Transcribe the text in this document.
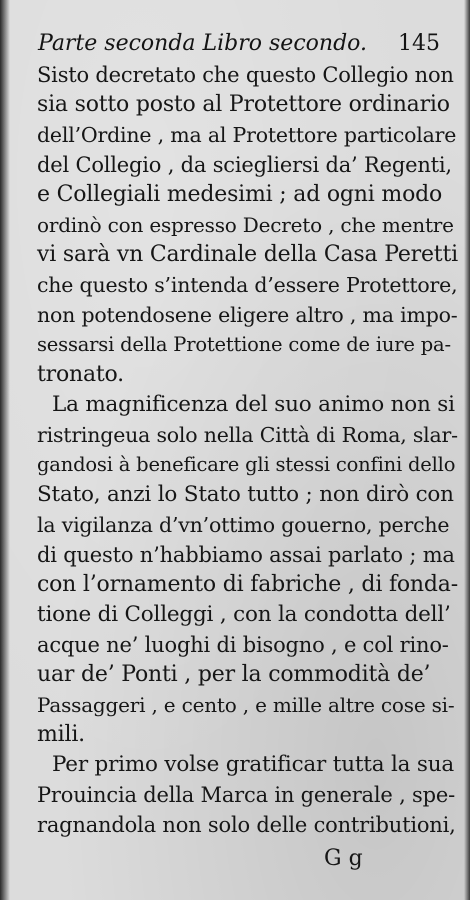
Parte seconda Libro secondo. 145
Sisto decretato che questo Collegio non
sia sotto posto al Protettore ordinario
dell’Ordine , ma al Protettore particolare
del Collegio , da sciegliersi da’ Regenti,
e Collegiali medesimi ; ad ogni modo
ordinò con espresso Decreto , che mentre
vi sarà vn Cardinale della Casa Peretti
che questo s’intenda d’essere Protettore,
non potendosene eligere altro , ma impo-
sessarsi della Protettione come de iure pa-
tronato.
La magnificenza del suo animo non si
ristringeua solo nella Città di Roma, slar-
gandosi à beneficare gli stessi confini dello
Stato, anzi lo Stato tutto ; non dirò con
la vigilanza d’vn’ottimo gouerno, perche
di questo n’habbiamo assai parlato ; ma
con l’ornamento di fabriche , di fonda-
tione di Colleggi , con la condotta dell’
acque ne’ luoghi di bisogno , e col rino-
uar de’ Ponti , per la commodità de’
Passaggeri , e cento , e mille altre cose si-
mili.
Per primo volse gratificar tutta la sua
Prouincia della Marca in generale , spe-
ragnandola non solo delle contributioni,
G g
